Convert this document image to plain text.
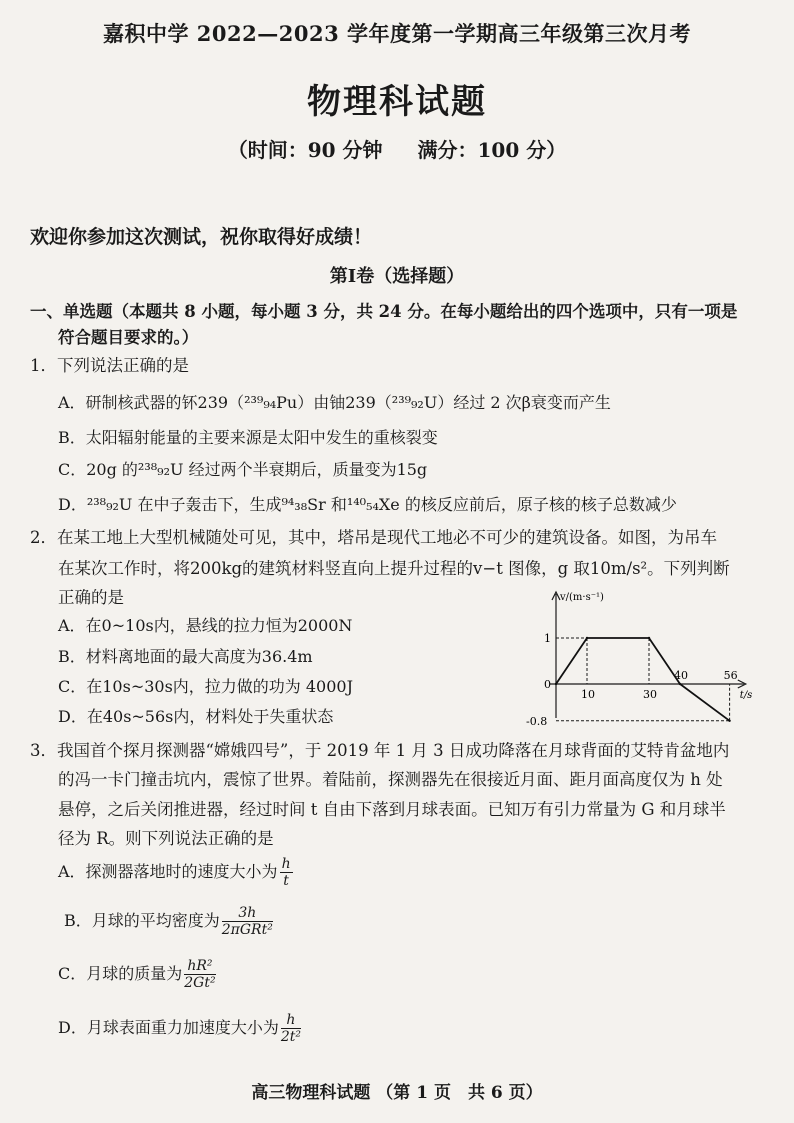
嘉积中学 2022—2023 学年度第一学期高三年级第三次月考
物理科试题
（时间：90 分钟 满分：100 分）
欢迎你参加这次测试，祝你取得好成绩！
第Ⅰ卷（选择题）
一、单选题（本题共 8 小题，每小题 3 分，共 24 分。在每小题给出的四个选项中，只有一项是
符合题目要求的。）
1．下列说法正确的是
A．研制核武器的钚239（²³⁹₉₄Pu）由铀239（²³⁹₉₂U）经过 2 次β衰变而产生
B．太阳辐射能量的主要来源是太阳中发生的重核裂变
C．20g 的²³⁸₉₂U 经过两个半衰期后，质量变为15g
D．²³⁸₉₂U 在中子轰击下，生成⁹⁴₃₈Sr 和¹⁴⁰₅₄Xe 的核反应前后，原子核的核子总数减少
2．在某工地上大型机械随处可见，其中，塔吊是现代工地必不可少的建筑设备。如图，为吊车
在某次工作时，将200kg的建筑材料竖直向上提升过程的v−t 图像，g 取10m/s²。下列判断
正确的是
A．在0~10s内，悬线的拉力恒为2000N
B．材料离地面的最大高度为36.4m
C．在10s~30s内，拉力做的功为 4000J
D．在40s~56s内，材料处于失重状态
v/(m·s⁻¹)
t/s
0
1
-0.8
10	30
40	56
3．我国首个探月探测器“嫦娥四号”，于 2019 年 1 月 3 日成功降落在月球背面的艾特肯盆地内
的冯一卡门撞击坑内，震惊了世界。着陆前，探测器先在很接近月面、距月面高度仅为 h 处
悬停，之后关闭推进器，经过时间 t 自由下落到月球表面。已知万有引力常量为 G 和月球半
径为 R。则下列说法正确的是
A．探测器落地时的速度大小为 $\frac{h}{t}$
B．月球的平均密度为 $\frac{3h}{\text{2πGRt²}}$
C．月球的质量为 $\frac{\text{hR²}}{\text{2Gt²}}$
D．月球表面重力加速度大小为 $\frac{h}{\text{2t²}}$
高三物理科试题 （第 1 页　共 6 页）
